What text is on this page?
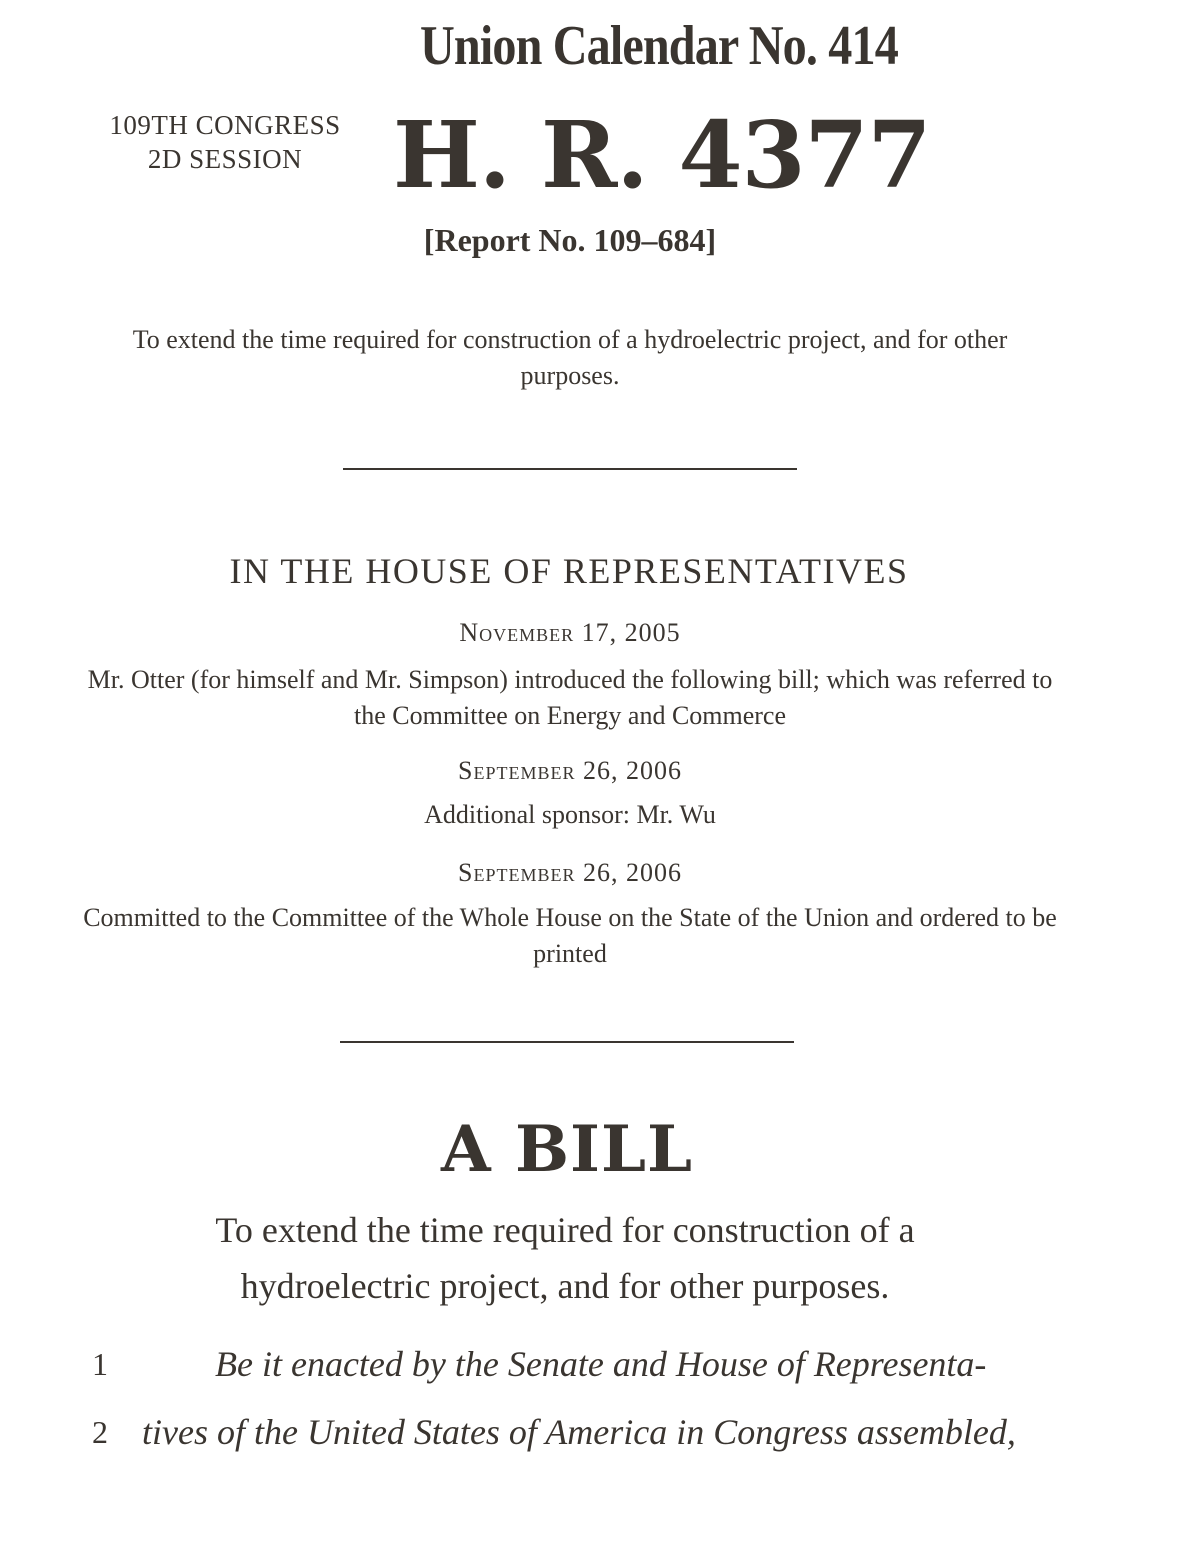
Union Calendar No. 414
109TH CONGRESS
2D SESSION H. R. 4377
[Report No. 109–684]
To extend the time required for construction of a hydroelectric project, and for other purposes.
IN THE HOUSE OF REPRESENTATIVES
November 17, 2005
Mr. Otter (for himself and Mr. Simpson) introduced the following bill; which was referred to the Committee on Energy and Commerce
September 26, 2006
Additional sponsor: Mr. Wu
September 26, 2006
Committed to the Committee of the Whole House on the State of the Union and ordered to be printed
A BILL
To extend the time required for construction of a hydroelectric project, and for other purposes.
1	Be it enacted by the Senate and House of Representa-
2 tives of the United States of America in Congress assembled,
